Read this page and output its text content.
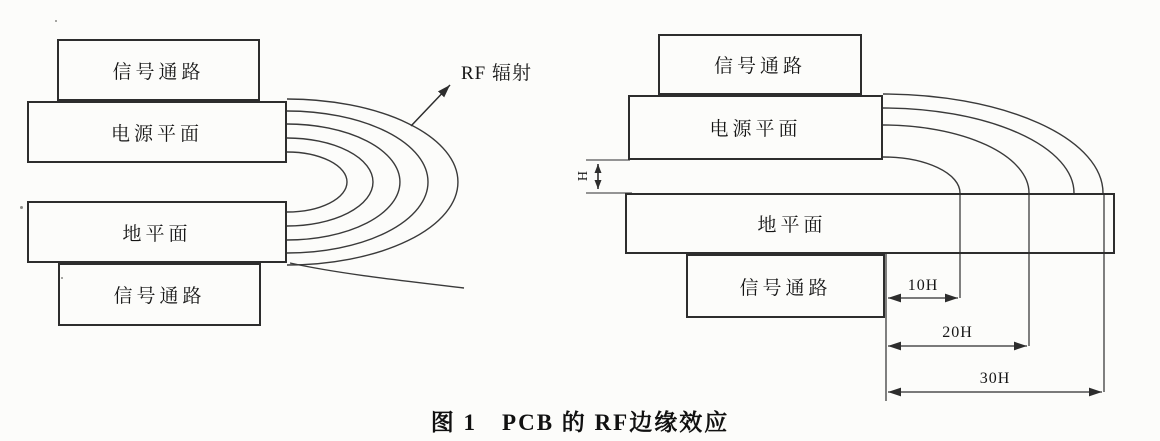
信号通路
电源平面
地平面
信号通路
信号通路
电源平面
地平面
信号通路
RF 辐射
H
10H
20H
30H
图 1　PCB 的 RF边缘效应
